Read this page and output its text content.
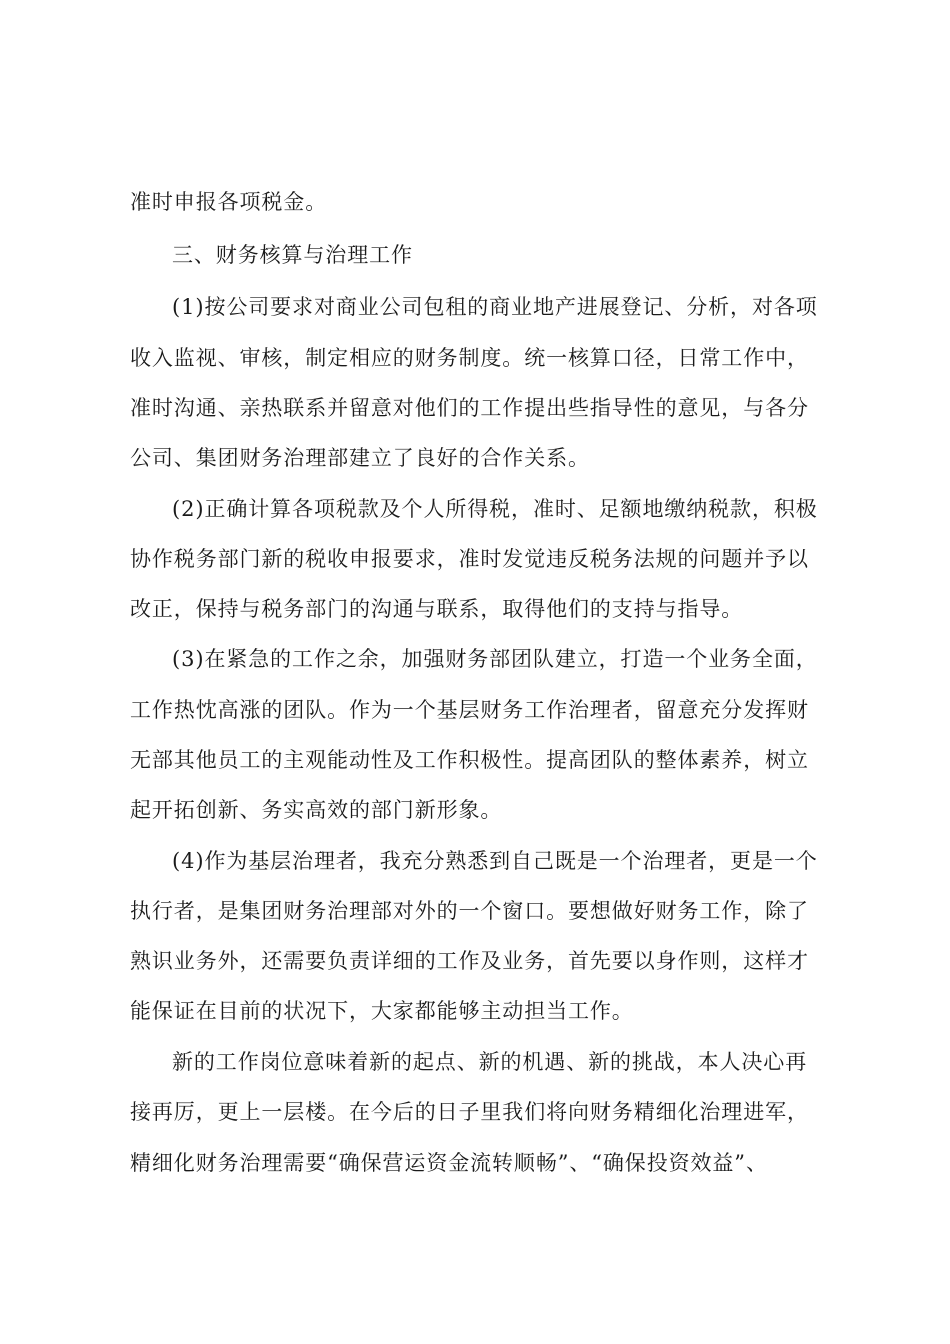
准时申报各项税金。
三、财务核算与治理工作
(1)按公司要求对商业公司包租的商业地产进展登记、分析，对各项
收入监视、审核，制定相应的财务制度。统一核算口径，日常工作中，
准时沟通、亲热联系并留意对他们的工作提出些指导性的意见，与各分
公司、集团财务治理部建立了良好的合作关系。
(2)正确计算各项税款及个人所得税，准时、足额地缴纳税款，积极
协作税务部门新的税收申报要求，准时发觉违反税务法规的问题并予以
改正，保持与税务部门的沟通与联系，取得他们的支持与指导。
(3)在紧急的工作之余，加强财务部团队建立，打造一个业务全面，
工作热忱高涨的团队。作为一个基层财务工作治理者，留意充分发挥财
无部其他员工的主观能动性及工作积极性。提高团队的整体素养，树立
起开拓创新、务实高效的部门新形象。
(4)作为基层治理者，我充分熟悉到自己既是一个治理者，更是一个
执行者，是集团财务治理部对外的一个窗口。要想做好财务工作，除了
熟识业务外，还需要负责详细的工作及业务，首先要以身作则，这样才
能保证在目前的状况下，大家都能够主动担当工作。
新的工作岗位意味着新的起点、新的机遇、新的挑战，本人决心再
接再厉，更上一层楼。在今后的日子里我们将向财务精细化治理进军，
精细化财务治理需要“确保营运资金流转顺畅”、“确保投资效益”、
